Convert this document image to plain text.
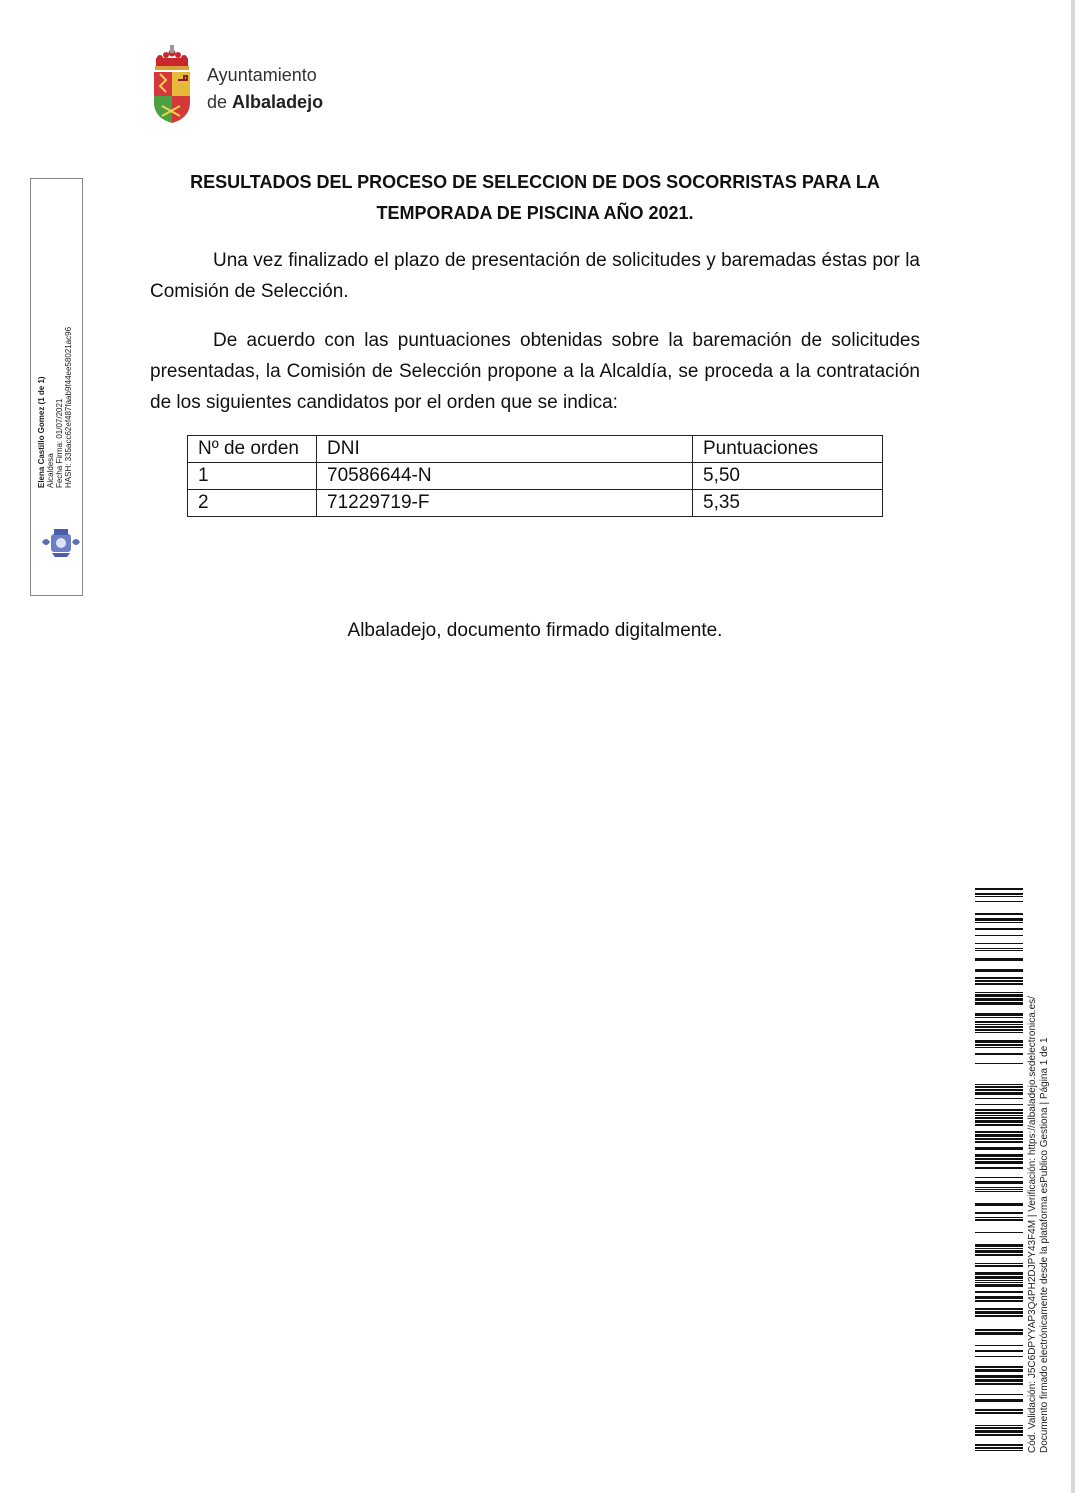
Ayuntamiento
de Albaladejo
Elena Castillo Gomez (1 de 1) Alcaldesa Fecha Firma: 01/07/2021 HASH: 335acc62ef487faab9f44ee58021ac96
RESULTADOS DEL PROCESO DE SELECCION DE DOS SOCORRISTAS PARA LA
TEMPORADA DE PISCINA AÑO 2021.

Una vez finalizado el plazo de presentación de solicitudes y baremadas éstas por la Comisión de Selección.

De acuerdo con las puntuaciones obtenidas sobre la baremación de solicitudes presentadas, la Comisión de Selección propone a la Alcaldía, se proceda a la contratación de los siguientes candidatos por el orden que se indica:

Nº de orden	DNI	Puntuaciones
1	70586644-N	5,50
2	71229719-F	5,35
Albaladejo, documento firmado digitalmente.
Cód. Validación: J5C6DPYYAP3Q4PH2DJPY43F4M | Verificación: https://albaladejo.sedelectronica.es/ Documento firmado electrónicamente desde la plataforma esPublico Gestiona | Página 1 de 1
